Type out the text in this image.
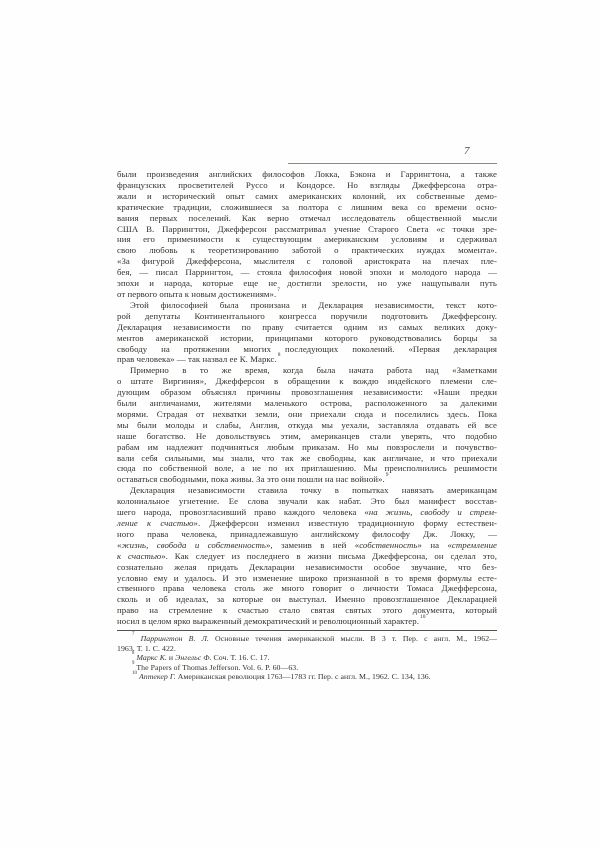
7
были произведения английских философов Локка, Бэкона и Гаррингтона, а также
французских просветителей Руссо и Кондорсе. Но взгляды Джефферсона отра-
жали и исторический опыт самих американских колоний, их собственные демо-
кратические традиции, сложившиеся за полтора с лишним века со времени осно-
вания первых поселений. Как верно отмечал исследователь общественной мысли
США В. Паррингтон, Джефферсон рассматривал учение Старого Света «с точки зре-
ния его применимости к существующим американским условиям и сдерживал
свою любовь к теоретизированию заботой о практических нуждах момента».
«За фигурой Джефферсона, мыслителя с головой аристократа на плечах пле-
бея, — писал Паррингтон, — стояла философия новой эпохи и молодого народа —
эпохи и народа, которые еще не достигли зрелости, но уже нащупывали путь
от первого опыта к новым достижениям».$^7$
Этой философией была пронизана и Декларация независимости, текст кото-
рой депутаты Континентального конгресса поручили подготовить Джефферсону.
Декларация независимости по праву считается одним из самых великих доку-
ментов американской истории, принципами которого руководствовались борцы за
свободу на протяжении многих последующих поколений. «Первая декларация
прав человека» — так назвал ее К. Маркс.$^8$
Примерно в то же время, когда была начата работа над «Заметками
о штате Виргиния», Джефферсон в обращении к вождю индейского племени сле-
дующим образом объяснял причины провозглашения независимости: «Наши предки
были англичанами, жителями маленького острова, расположенного за далекими
морями. Страдая от нехватки земли, они приехали сюда и поселились здесь. Пока
мы были молоды и слабы, Англия, откуда мы уехали, заставляла отдавать ей все
наше богатство. Не довольствуясь этим, американцев стали уверять, что подобно
рабам им надлежит подчиняться любым приказам. Но мы повзрослели и почувство-
вали себя сильными, мы знали, что так же свободны, как англичане, и что приехали
сюда по собственной воле, а не по их приглашению. Мы преисполнились решимости
оставаться свободными, пока живы. За это они пошли на нас войной».$^9$
Декларация независимости ставила точку в попытках навязать американцам
колониальное угнетение. Ее слова звучали как набат. Это был манифест восстав-
шего народа, провозгласивший право каждого человека «на жизнь, свободу и стрем-
ление к счастью». Джефферсон изменил известную традиционную форму естествен-
ного права человека, принадлежавшую английскому философу Дж. Локку, —
«жизнь, свобода и собственность», заменив в ней «собственность» на «стремление
к счастью». Как следует из последнего в жизни письма Джефферсона, он сделал это,
сознательно желая придать Декларации независимости особое звучание, что без-
условно ему и удалось. И это изменение широко признанной в то время формулы есте-
ственного права человека столь же много говорит о личности Томаса Джефферсона,
сколь и об идеалах, за которые он выступал. Именно провозглашенное Декларацией
право на стремление к счастью стало святая святых этого документа, который
носил в целом ярко выраженный демократический и революционный характер.$^{10}$
$^7$ Паррингтон В. Л. Основные течения американской мысли. В 3 т. Пер. с англ. М., 1962—
1963. Т. 1. С. 422.
$^8$ Маркс К. и Энгельс Ф. Соч. Т. 16. С. 17.
$^9$ The Papers of Thomas Jefferson. Vol. 6. P. 60—63.
$^{10}$ Аптекер Г. Американская революция 1763—1783 гг. Пер. с англ. М., 1962. С. 134, 136.
